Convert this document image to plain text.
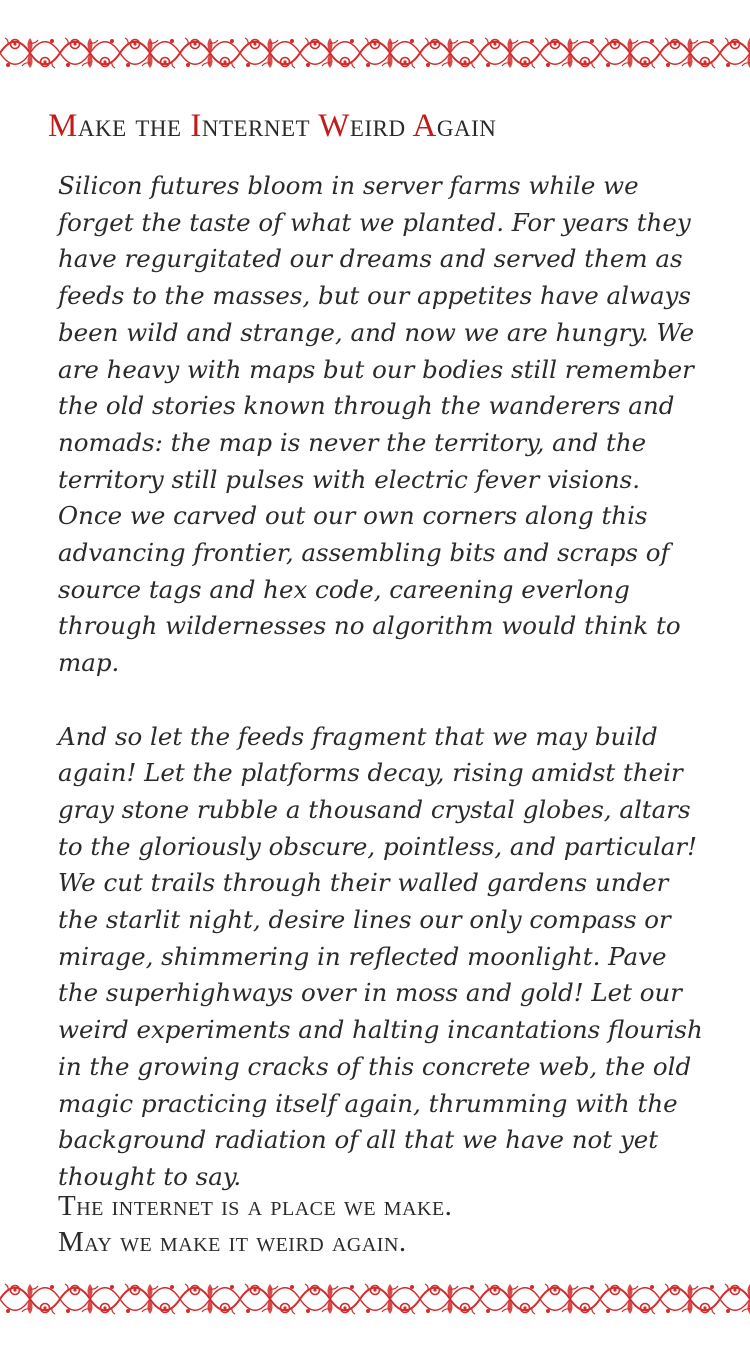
Make the Internet Weird Again

Silicon futures bloom in server farms while we forget the taste of what we planted. For years they have regurgitated our dreams and served them as feeds to the masses, but our appetites have always been wild and strange, and now we are hungry. We are heavy with maps but our bodies still remember the old stories known through the wanderers and nomads: the map is never the territory, and the territory still pulses with electric fever visions. Once we carved out our own corners along this advancing frontier, assembling bits and scraps of source tags and hex code, careening everlong through wildernesses no algorithm would think to map.

And so let the feeds fragment that we may build again! Let the platforms decay, rising amidst their gray stone rubble a thousand crystal globes, altars to the gloriously obscure, pointless, and particular! We cut trails through their walled gardens under the starlit night, desire lines our only compass or mirage, shimmering in reflected moonlight. Pave the superhighways over in moss and gold! Let our weird experiments and halting incantations flourish in the growing cracks of this concrete web, the old magic practicing itself again, thrumming with the background radiation of all that we have not yet thought to say.

The internet is a place we make.
May we make it weird again.
